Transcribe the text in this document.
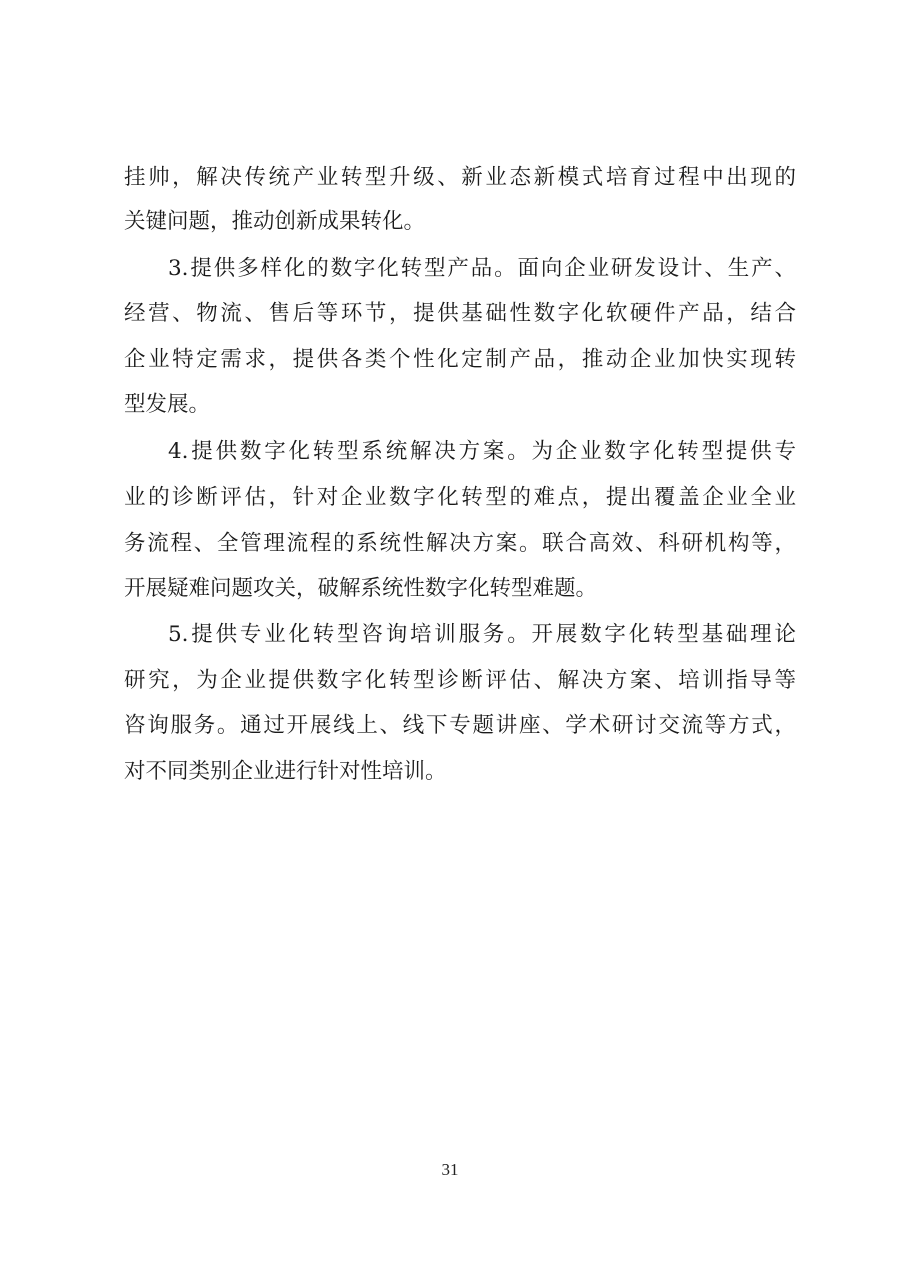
挂帅，解决传统产业转型升级、新业态新模式培育过程中出现的
关键问题，推动创新成果转化。
3.提供多样化的数字化转型产品。面向企业研发设计、生产、
经营、物流、售后等环节，提供基础性数字化软硬件产品，结合
企业特定需求，提供各类个性化定制产品，推动企业加快实现转
型发展。
4.提供数字化转型系统解决方案。为企业数字化转型提供专
业的诊断评估，针对企业数字化转型的难点，提出覆盖企业全业
务流程、全管理流程的系统性解决方案。联合高效、科研机构等，
开展疑难问题攻关，破解系统性数字化转型难题。
5.提供专业化转型咨询培训服务。开展数字化转型基础理论
研究，为企业提供数字化转型诊断评估、解决方案、培训指导等
咨询服务。通过开展线上、线下专题讲座、学术研讨交流等方式，
对不同类别企业进行针对性培训。
31
